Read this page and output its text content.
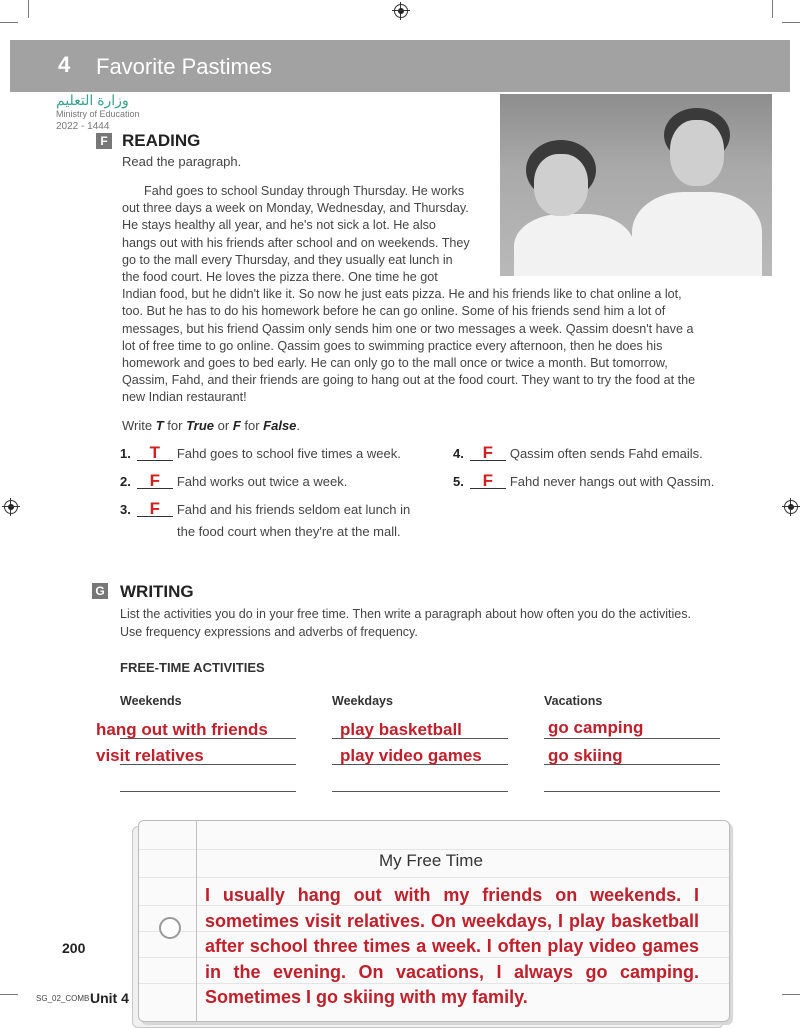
4 Favorite Pastimes
وزارة التعليم
Ministry of Education
2022 - 1444
F READING
Read the paragraph.

Fahd goes to school Sunday through Thursday. He works out three days a week on Monday, Wednesday, and Thursday. He stays healthy all year, and he's not sick a lot. He also hangs out with his friends after school and on weekends. They go to the mall every Thursday, and they usually eat lunch in the food court. He loves the pizza there. One time he got Indian food, but he didn't like it. So now he just eats pizza. He and his friends like to chat online a lot, too. But he has to do his homework before he can go online. Some of his friends send him a lot of messages, but his friend Qassim only sends him one or two messages a week. Qassim doesn't have a lot of free time to go online. Qassim goes to swimming practice every afternoon, then he does his homework and goes to bed early. He can only go to the mall once or twice a month. But tomorrow, Qassim, Fahd, and their friends are going to hang out at the food court. They want to try the food at the new Indian restaurant!

Write T for True or F for False.
1. T Fahd goes to school five times a week.
2. F Fahd works out twice a week.
3. F Fahd and his friends seldom eat lunch in
the food court when they're at the mall.
4. F Qassim often sends Fahd emails.
5. F Fahd never hangs out with Qassim.
G WRITING
List the activities you do in your free time. Then write a paragraph about how often you do the activities.
Use frequency expressions and adverbs of frequency.
FREE-TIME ACTIVITIES
Weekends	Weekdays	Vacations
hang out with friends
visit relatives
play basketball
play video games
go camping
go skiing
My Free Time
I usually hang out with my friends on weekends. I sometimes visit relatives. On weekdays, I play basketball after school three times a week. I often play video games in the evening. On vacations, I always go camping. Sometimes I go skiing with my family.
200
SG_02_COMB Unit 4
